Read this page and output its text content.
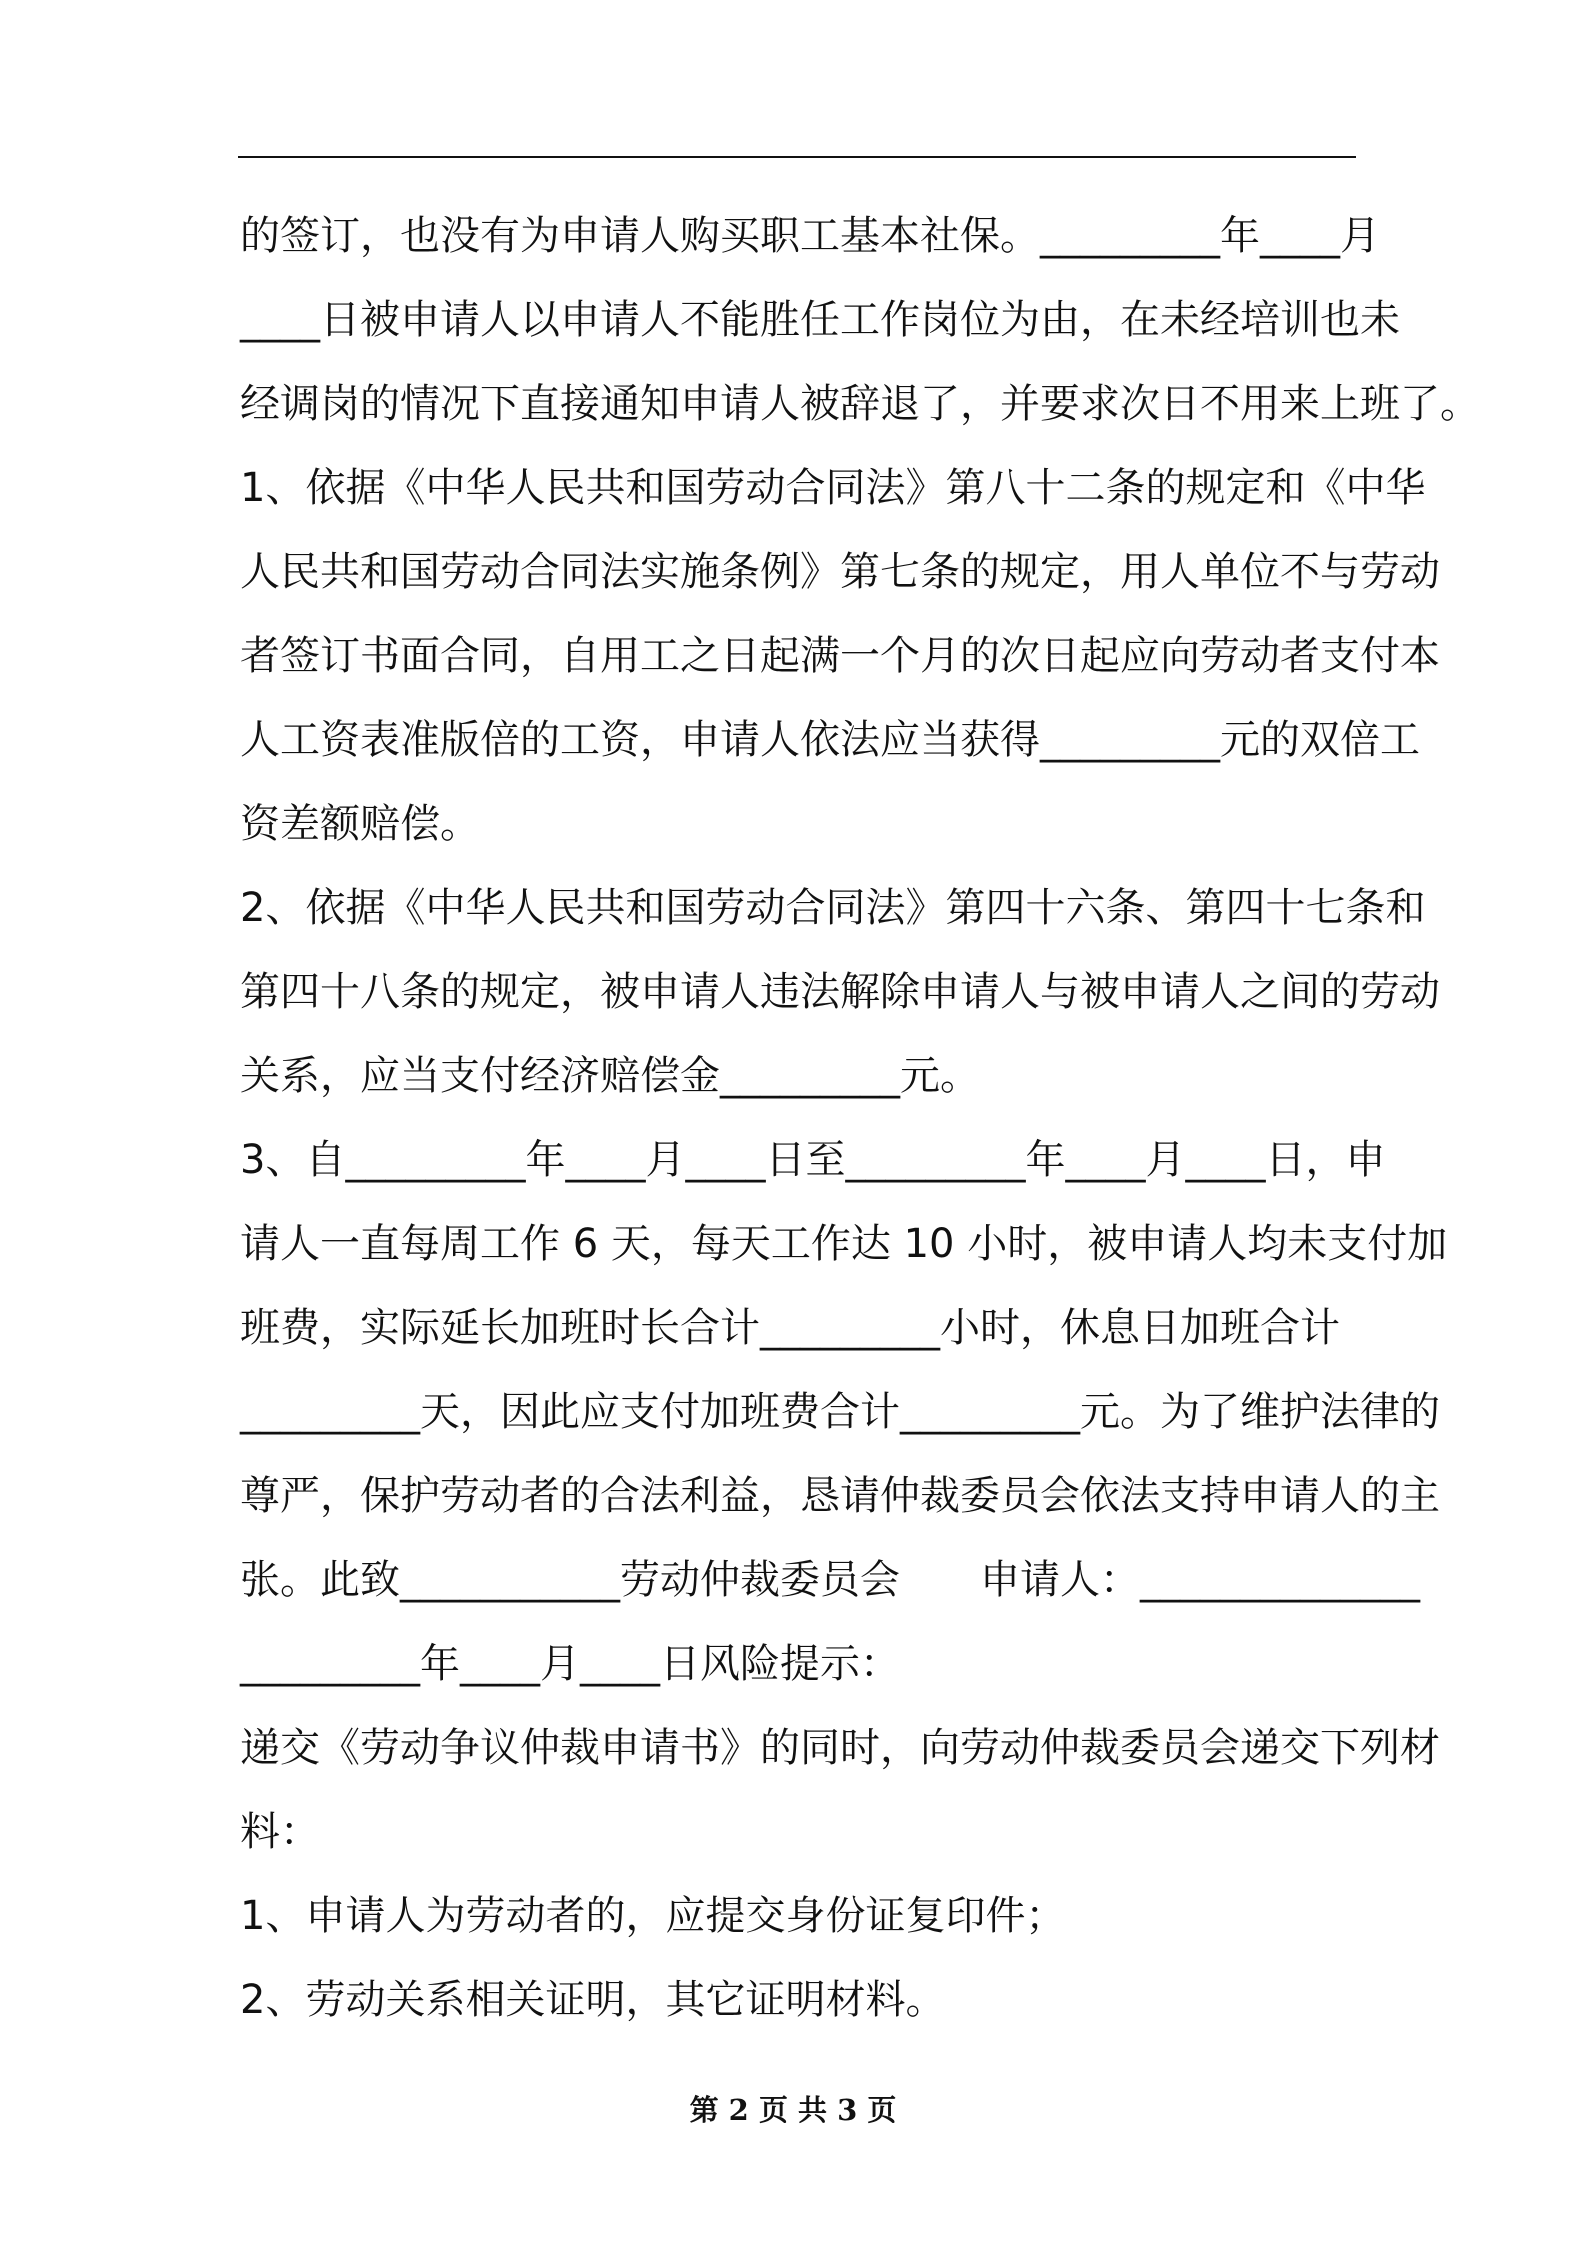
的签订，也没有为申请人购买职工基本社保。_________年____月
____日被申请人以申请人不能胜任工作岗位为由，在未经培训也未
经调岗的情况下直接通知申请人被辞退了，并要求次日不用来上班了。
1、依据《中华人民共和国劳动合同法》第八十二条的规定和《中华
人民共和国劳动合同法实施条例》第七条的规定，用人单位不与劳动
者签订书面合同，自用工之日起满一个月的次日起应向劳动者支付本
人工资表准版倍的工资，申请人依法应当获得_________元的双倍工
资差额赔偿。
2、依据《中华人民共和国劳动合同法》第四十六条、第四十七条和
第四十八条的规定，被申请人违法解除申请人与被申请人之间的劳动
关系，应当支付经济赔偿金_________元。
3、自_________年____月____日至_________年____月____日，申
请人一直每周工作 6 天，每天工作达 10 小时，被申请人均未支付加
班费，实际延长加班时长合计_________小时，休息日加班合计
_________天，因此应支付加班费合计_________元。为了维护法律的
尊严，保护劳动者的合法利益，恳请仲裁委员会依法支持申请人的主
张。此致___________劳动仲裁委员会　　申请人：______________
_________年____月____日风险提示：
递交《劳动争议仲裁申请书》的同时，向劳动仲裁委员会递交下列材
料：
1、申请人为劳动者的，应提交身份证复印件；
2、劳动关系相关证明，其它证明材料。
第 2 页 共 3 页
